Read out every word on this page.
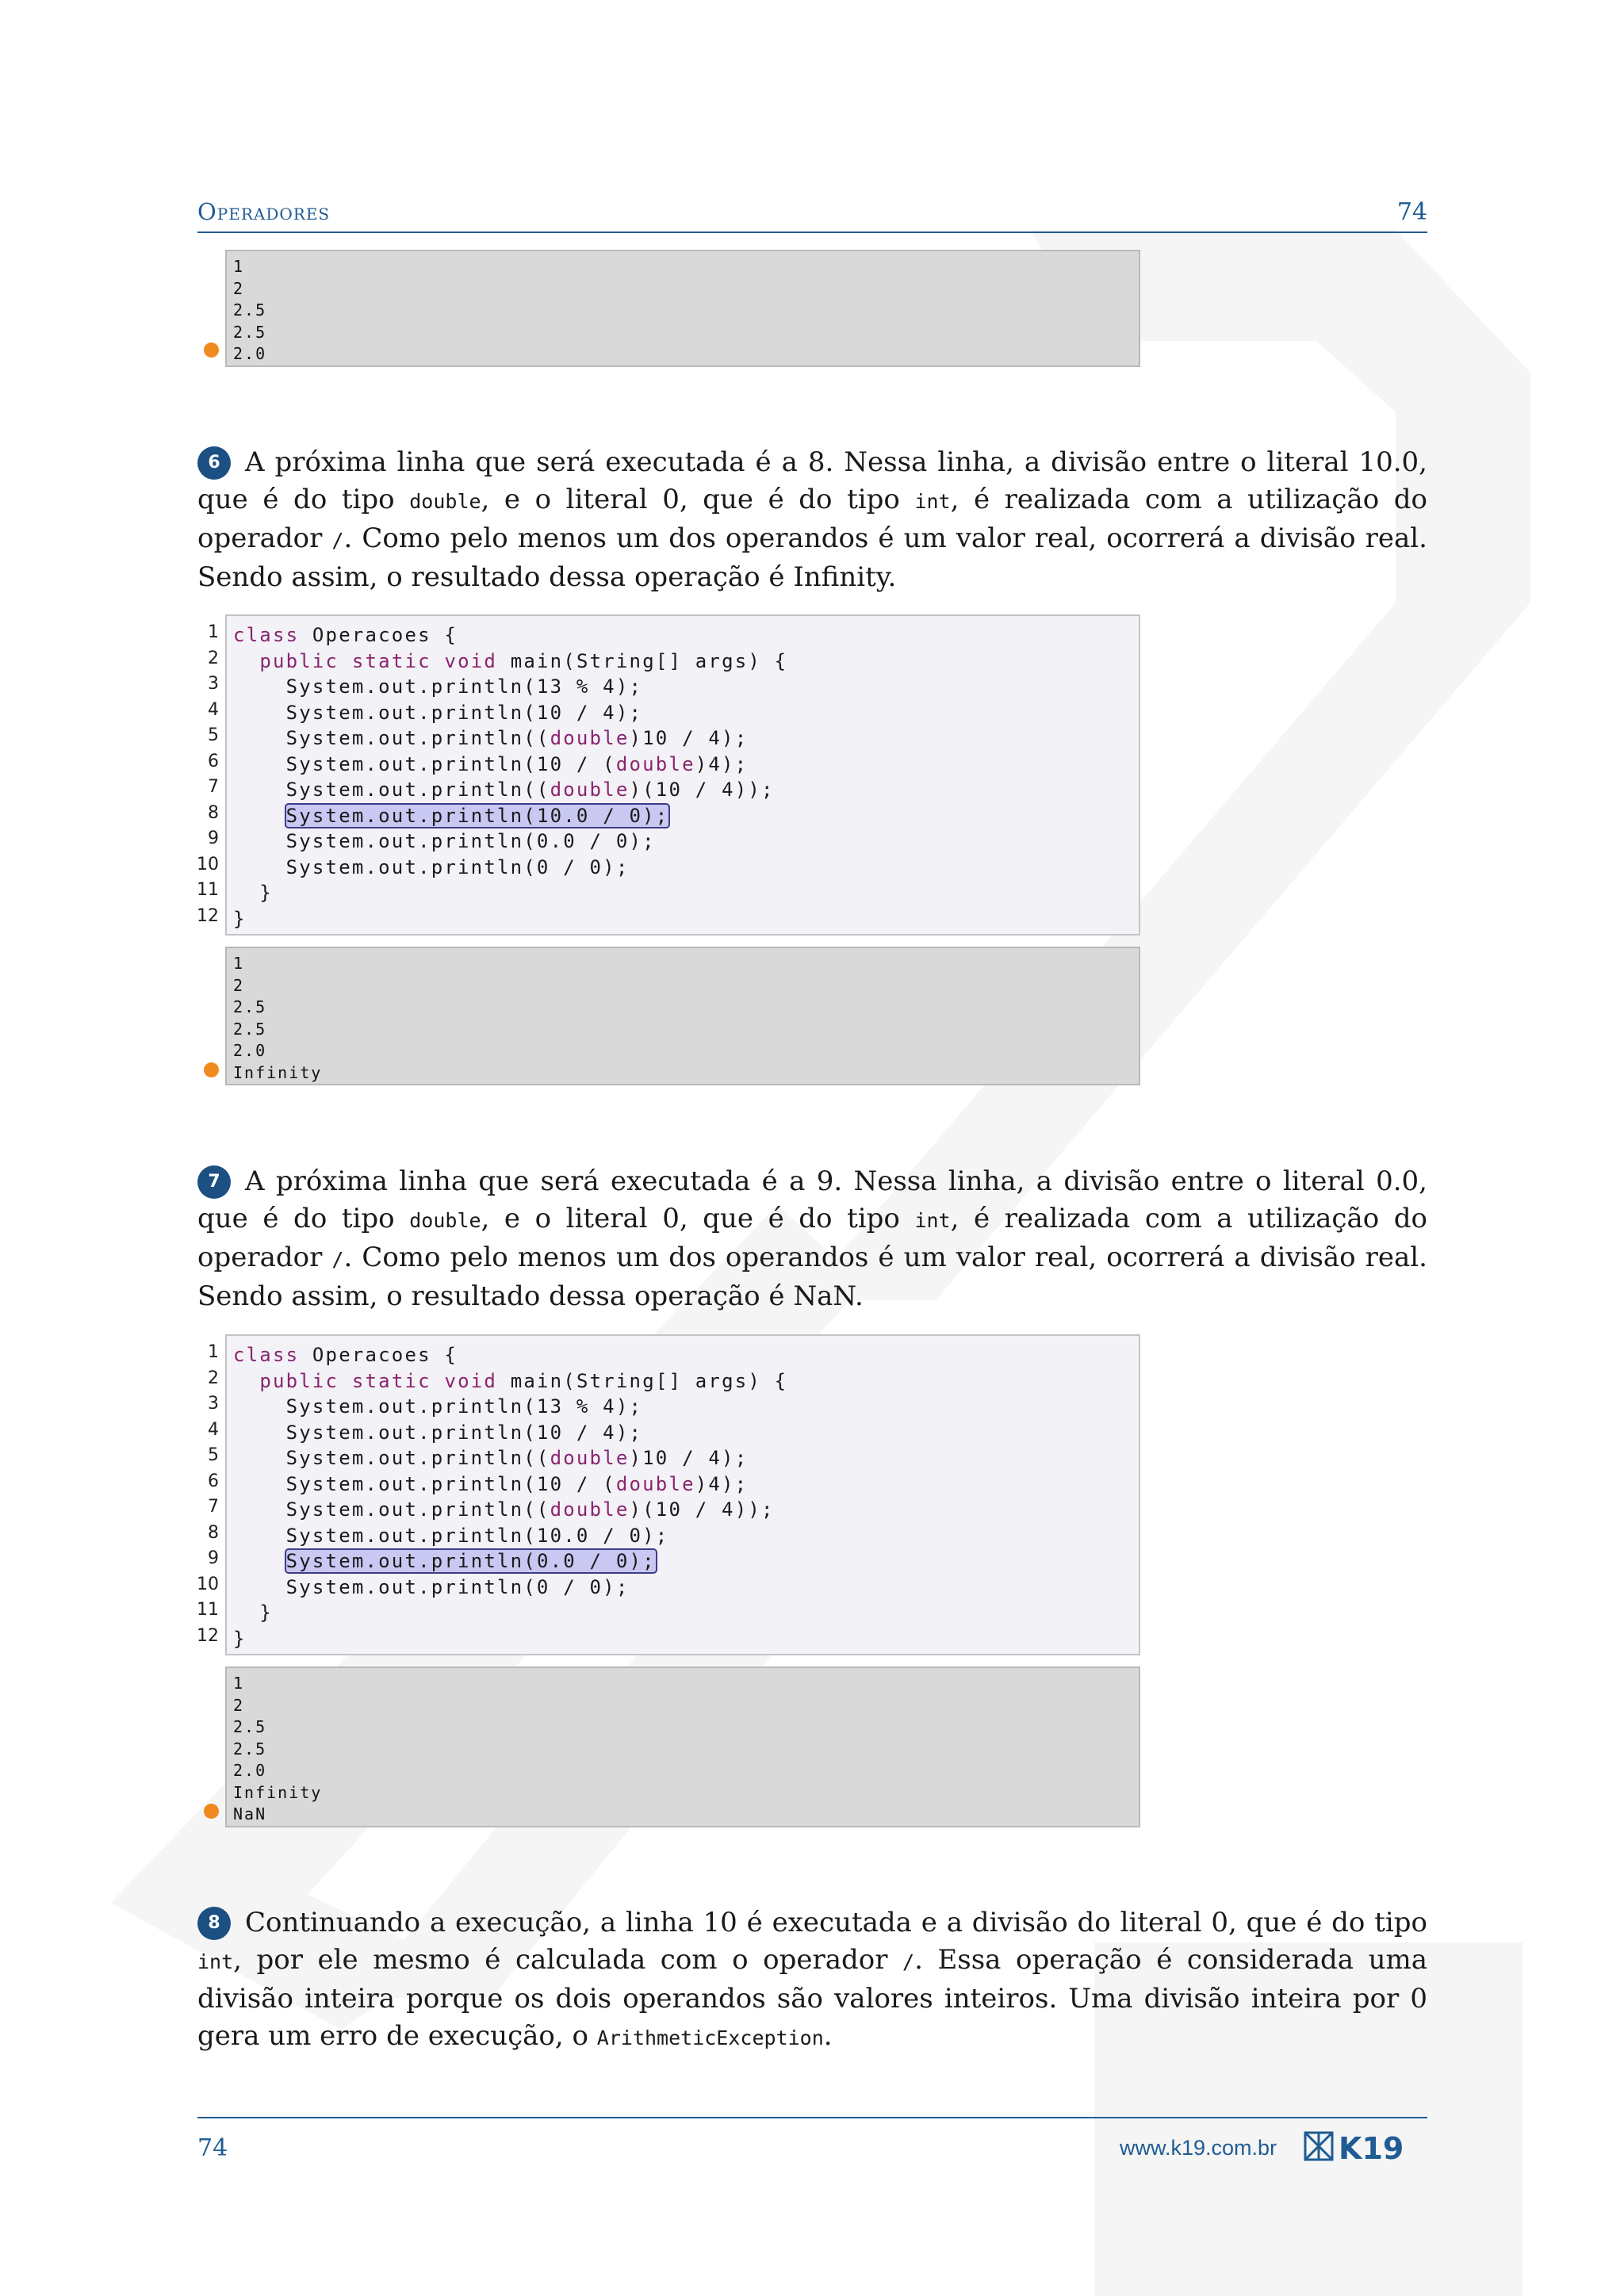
Operadores	74
1
2
2.5
2.5
2.0
6 A próxima linha que será executada é a 8. Nessa linha, a divisão entre o literal 10.0, que é do tipo double, e o literal 0, que é do tipo int, é realizada com a utilização do operador /. Como pelo menos um dos operandos é um valor real, ocorrerá a divisão real. Sendo assim, o resultado dessa operação é Infinity.
1
2
3
4
5
6
7
8
9
10
11
12
class Operacoes {
public static void main(String[] args) {
System.out.println(13 % 4);
System.out.println(10 / 4);
System.out.println((double)10 / 4);
System.out.println(10 / (double)4);
System.out.println((double)(10 / 4));
System.out.println(10.0 / 0);
System.out.println(0.0 / 0);
System.out.println(0 / 0);
}
}
1
2
2.5
2.5
2.0
Infinity
7 A próxima linha que será executada é a 9. Nessa linha, a divisão entre o literal 0.0, que é do tipo double, e o literal 0, que é do tipo int, é realizada com a utilização do operador /. Como pelo menos um dos operandos é um valor real, ocorrerá a divisão real. Sendo assim, o resultado dessa operação é NaN.
1
2
3
4
5
6
7
8
9
10
11
12
class Operacoes {
public static void main(String[] args) {
System.out.println(13 % 4);
System.out.println(10 / 4);
System.out.println((double)10 / 4);
System.out.println(10 / (double)4);
System.out.println((double)(10 / 4));
System.out.println(10.0 / 0);
System.out.println(0.0 / 0);
System.out.println(0 / 0);
}
}
1
2
2.5
2.5
2.0
Infinity
NaN
8 Continuando a execução, a linha 10 é executada e a divisão do literal 0, que é do tipo int, por ele mesmo é calculada com o operador /. Essa operação é considerada uma divisão inteira porque os dois operandos são valores inteiros. Uma divisão inteira por 0 gera um erro de execução, o ArithmeticException.
74	www.k19.com.br K19
